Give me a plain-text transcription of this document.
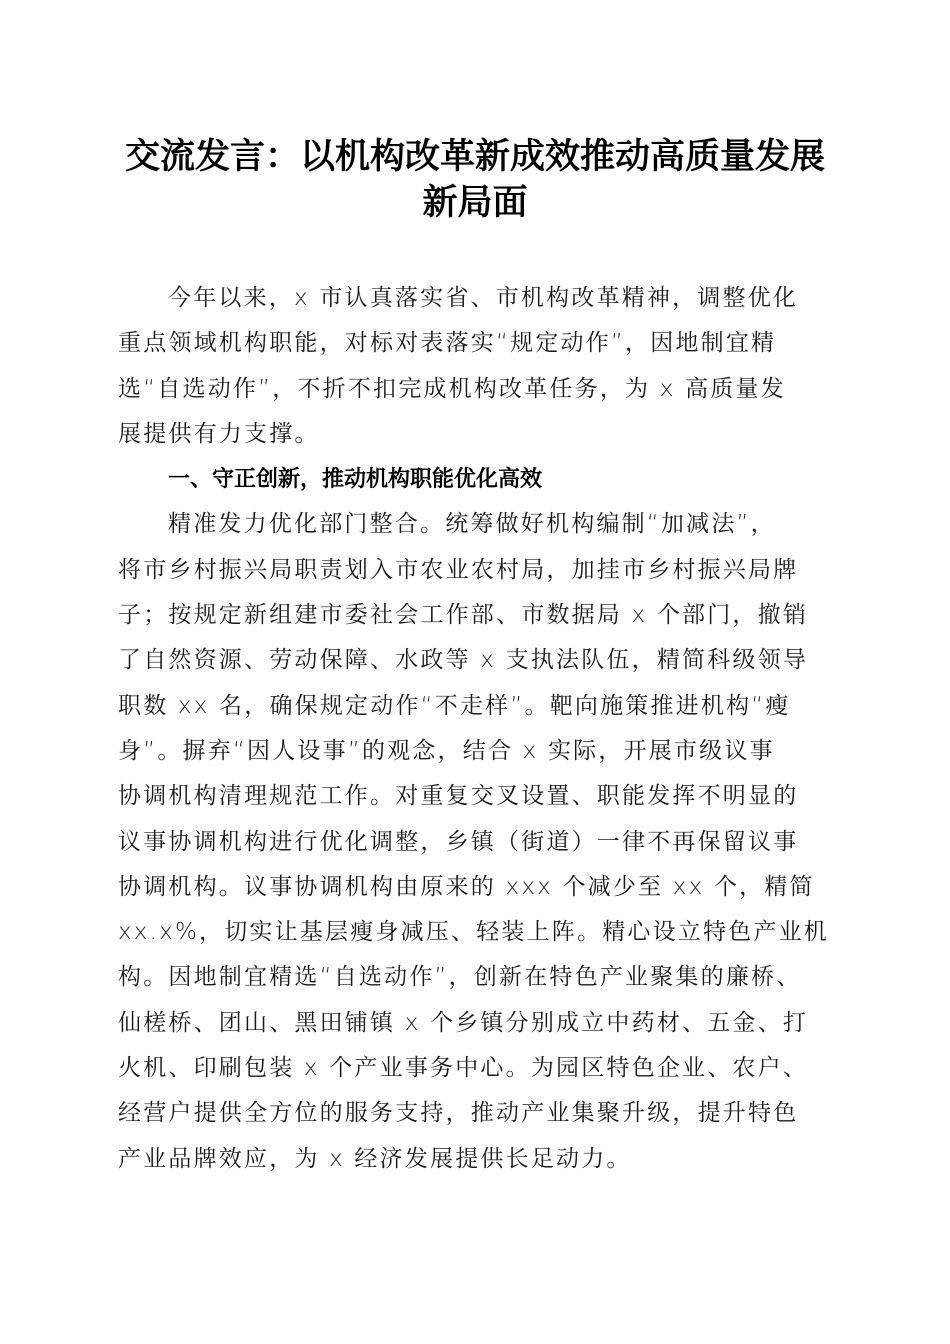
交流发言：以机构改革新成效推动高质量发展
新局面
今年以来，x 市认真落实省、市机构改革精神，调整优化
重点领域机构职能，对标对表落实“规定动作”，因地制宜精
选“自选动作”，不折不扣完成机构改革任务，为 x 高质量发
展提供有力支撑。
一、守正创新，推动机构职能优化高效
精准发力优化部门整合。统筹做好机构编制“加减法”，
将市乡村振兴局职责划入市农业农村局，加挂市乡村振兴局牌
子；按规定新组建市委社会工作部、市数据局 x 个部门，撤销
了自然资源、劳动保障、水政等 x 支执法队伍，精简科级领导
职数 xx 名，确保规定动作“不走样”。靶向施策推进机构“瘦
身”。摒弃“因人设事”的观念，结合 x 实际，开展市级议事
协调机构清理规范工作。对重复交叉设置、职能发挥不明显的
议事协调机构进行优化调整，乡镇（街道）一律不再保留议事
协调机构。议事协调机构由原来的 xxx 个减少至 xx 个，精简
xx.x%，切实让基层瘦身减压、轻装上阵。精心设立特色产业机
构。因地制宜精选“自选动作”，创新在特色产业聚集的廉桥、
仙槎桥、团山、黑田铺镇 x 个乡镇分别成立中药材、五金、打
火机、印刷包装 x 个产业事务中心。为园区特色企业、农户、
经营户提供全方位的服务支持，推动产业集聚升级，提升特色
产业品牌效应，为 x 经济发展提供长足动力。
